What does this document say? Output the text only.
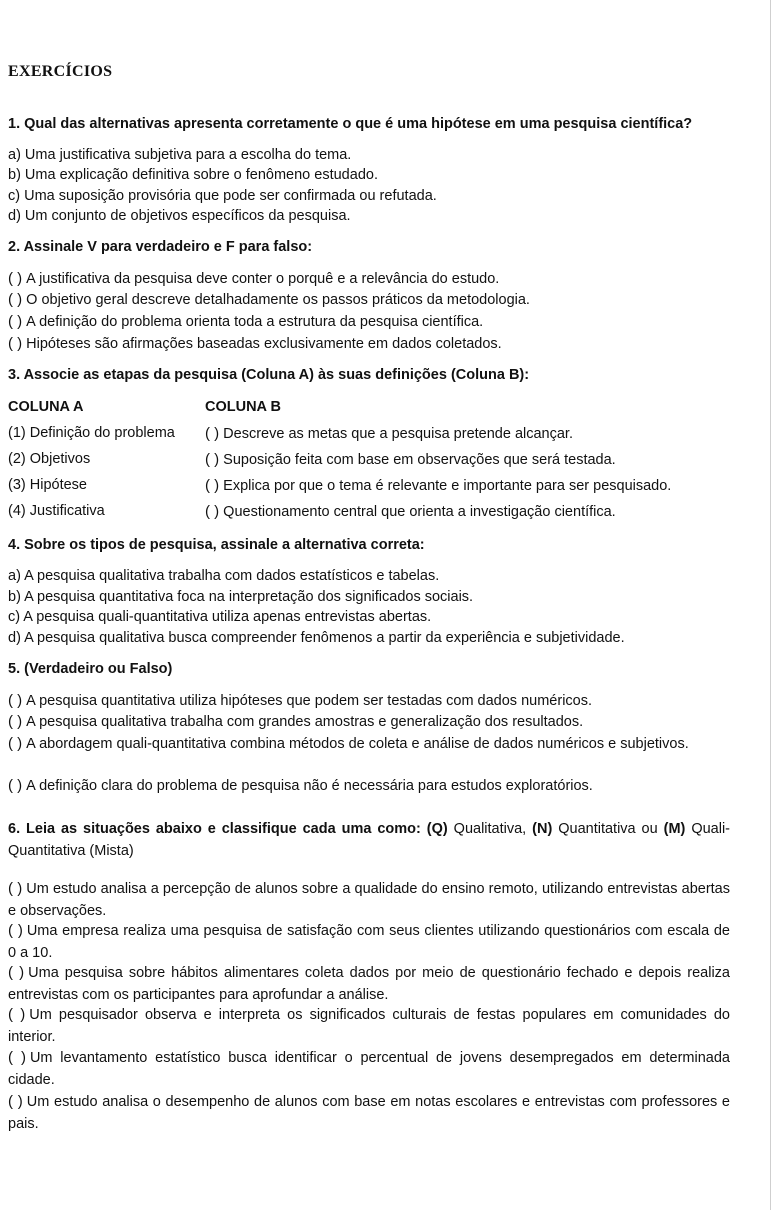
EXERCÍCIOS
1. Qual das alternativas apresenta corretamente o que é uma hipótese em uma pesquisa científica?
a) Uma justificativa subjetiva para a escolha do tema.
b) Uma explicação definitiva sobre o fenômeno estudado.
c) Uma suposição provisória que pode ser confirmada ou refutada.
d) Um conjunto de objetivos específicos da pesquisa.
2. Assinale V para verdadeiro e F para falso:
( ) A justificativa da pesquisa deve conter o porquê e a relevância do estudo.
( ) O objetivo geral descreve detalhadamente os passos práticos da metodologia.
( ) A definição do problema orienta toda a estrutura da pesquisa científica.
( ) Hipóteses são afirmações baseadas exclusivamente em dados coletados.
3. Associe as etapas da pesquisa (Coluna A) às suas definições (Coluna B):
COLUNA A	COLUNA B
(1) Definição do problema ( ) Descreve as metas que a pesquisa pretende alcançar.
(2) Objetivos	( ) Suposição feita com base em observações que será testada.
(3) Hipótese	( ) Explica por que o tema é relevante e importante para ser pesquisado.
(4) Justificativa	( ) Questionamento central que orienta a investigação científica.
4. Sobre os tipos de pesquisa, assinale a alternativa correta:
a) A pesquisa qualitativa trabalha com dados estatísticos e tabelas.
b) A pesquisa quantitativa foca na interpretação dos significados sociais.
c) A pesquisa quali-quantitativa utiliza apenas entrevistas abertas.
d) A pesquisa qualitativa busca compreender fenômenos a partir da experiência e subjetividade.
5. (Verdadeiro ou Falso)
( ) A pesquisa quantitativa utiliza hipóteses que podem ser testadas com dados numéricos.
( ) A pesquisa qualitativa trabalha com grandes amostras e generalização dos resultados.
( ) A abordagem quali-quantitativa combina métodos de coleta e análise de dados numéricos e subjetivos.
( ) A definição clara do problema de pesquisa não é necessária para estudos exploratórios.
6. Leia as situações abaixo e classifique cada uma como: (Q) Qualitativa, (N) Quantitativa ou (M) Quali-Quantitativa (Mista)
( ) Um estudo analisa a percepção de alunos sobre a qualidade do ensino remoto, utilizando entrevistas abertas e observações.
( ) Uma empresa realiza uma pesquisa de satisfação com seus clientes utilizando questionários com escala de 0 a 10.
( ) Uma pesquisa sobre hábitos alimentares coleta dados por meio de questionário fechado e depois realiza entrevistas com os participantes para aprofundar a análise.
( ) Um pesquisador observa e interpreta os significados culturais de festas populares em comunidades do interior.
( ) Um levantamento estatístico busca identificar o percentual de jovens desempregados em determinada cidade.
( ) Um estudo analisa o desempenho de alunos com base em notas escolares e entrevistas com professores e pais.
